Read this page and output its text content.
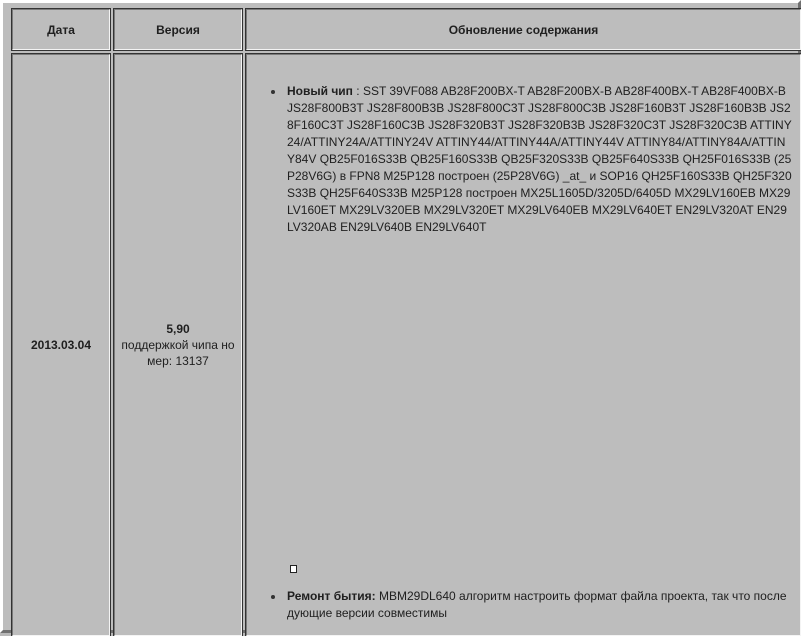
Дата	Версия	Обновление содержания
2013.03.04
5,90
поддержкой чипа но мер: 13137
Новый чип : SST 39VF088 AB28F200BX-T AB28F200BX-B AB28F400BX-T AB28F400BX-B JS28F800B3T JS28F800B3B JS28F800C3T JS28F800C3B JS28F160B3T JS28F160B3B JS28F160C3T JS28F160C3B JS28F320B3T JS28F320B3B JS28F320C3T JS28F320C3B ATTINY24/ATTINY24A/ATTINY24V ATTINY44/ATTINY44A/ATTINY44V ATTINY84/ATTINY84A/ATTINY84V QB25F016S33B QB25F160S33B QB25F320S33B QB25F640S33B QH25F016S33B (25P28V6G) в FPN8 M25P128 построен (25P28V6G) _at_ и SOP16 QH25F160S33B QH25F320S33B QH25F640S33B M25P128 построен MX25L1605D/3205D/6405D MX29LV160EB MX29LV160ET MX29LV320EB MX29LV320ET MX29LV640EB MX29LV640ET EN29LV320AT EN29LV320AB EN29LV640B EN29LV640T
Ремонт бытия: MBM29DL640 алгоритм настроить формат файла проекта, так что последующие версии совместимы
